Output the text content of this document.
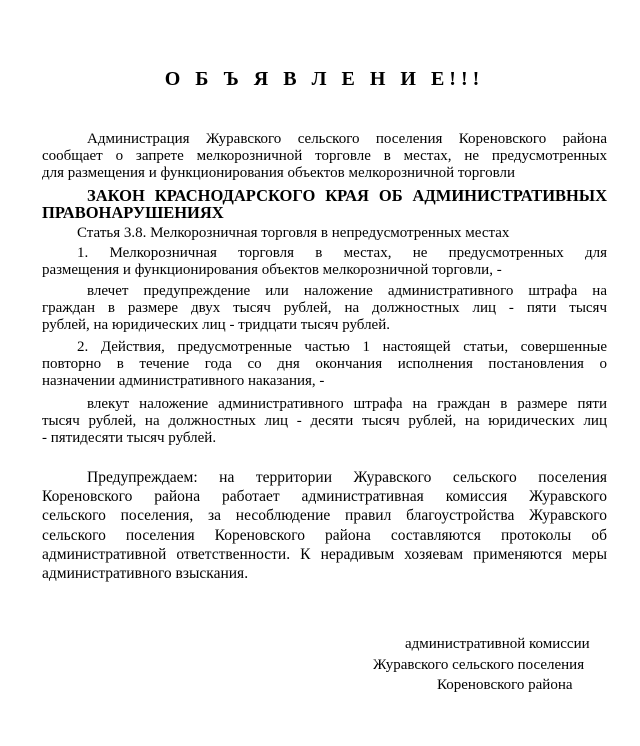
О Б Ъ Я В Л Е Н И Е!!!
Администрация Журавского сельского поселения Кореновского района
сообщает о запрете мелкорозничной торговле в местах, не предусмотренных
для размещения и функционирования объектов мелкорозничной торговли
ЗАКОН КРАСНОДАРСКОГО КРАЯ ОБ АДМИНИСТРАТИВНЫХ
ПРАВОНАРУШЕНИЯХ
Статья 3.8. Мелкорозничная торговля в непредусмотренных местах
1. Мелкорозничная торговля в местах, не предусмотренных для
размещения и функционирования объектов мелкорозничной торговли, -
влечет предупреждение или наложение административного штрафа на
граждан в размере двух тысяч рублей, на должностных лиц - пяти тысяч
рублей, на юридических лиц - тридцати тысяч рублей.
2. Действия, предусмотренные частью 1 настоящей статьи, совершенные
повторно в течение года со дня окончания исполнения постановления о
назначении административного наказания, -
влекут наложение административного штрафа на граждан в размере пяти
тысяч рублей, на должностных лиц - десяти тысяч рублей, на юридических лиц
- пятидесяти тысяч рублей.
Предупреждаем: на территории Журавского сельского поселения
Кореновского района работает административная комиссия Журавского
сельского поселения, за несоблюдение правил благоустройства Журавского
сельского поселения Кореновского района составляются протоколы об
административной ответственности. К нерадивым хозяевам применяются меры
административного взыскания.
административной комиссии
Журавского сельского поселения
Кореновского района
